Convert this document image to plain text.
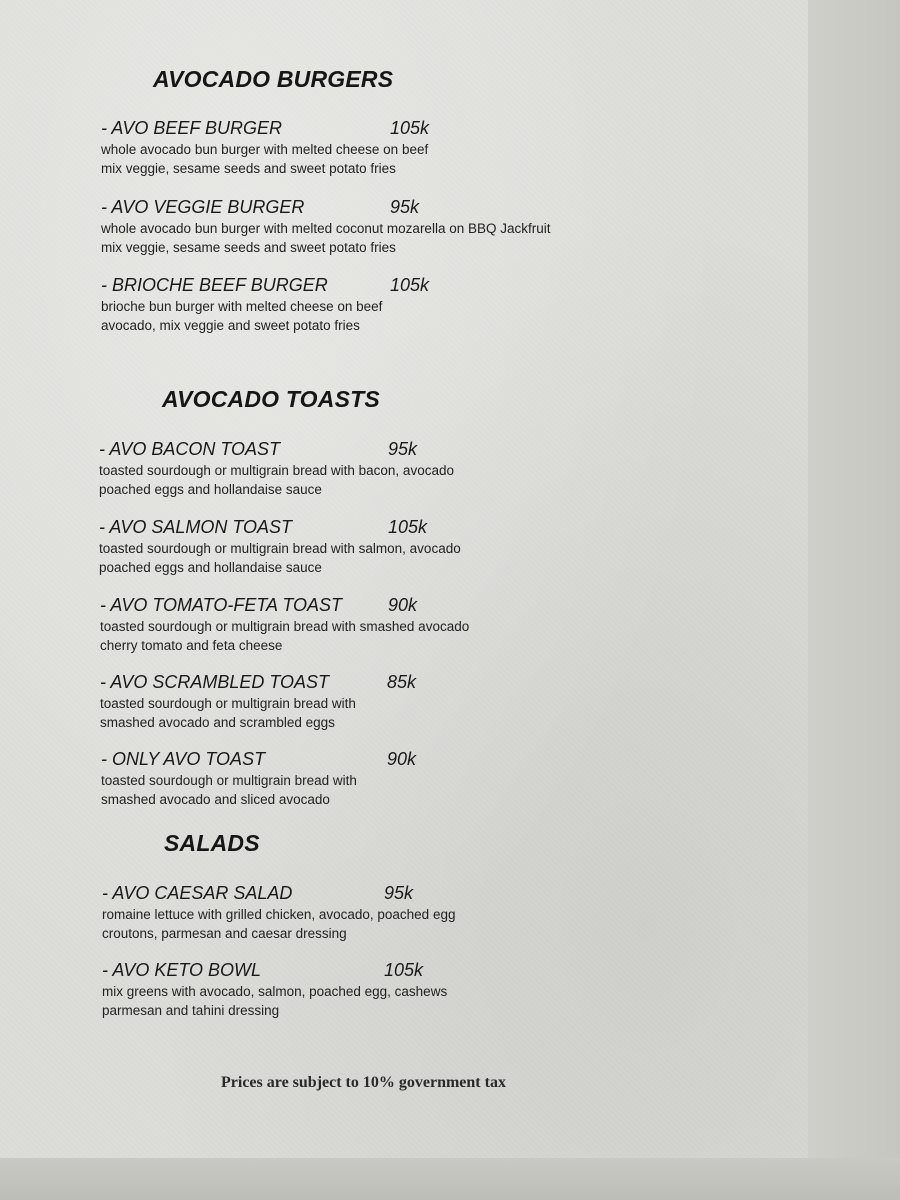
AVOCADO BURGERS
- AVO BEEF BURGER	105k
whole avocado bun burger with melted cheese on beef
mix veggie, sesame seeds and sweet potato fries
- AVO VEGGIE BURGER	95k
whole avocado bun burger with melted coconut mozarella on BBQ Jackfruit
mix veggie, sesame seeds and sweet potato fries
- BRIOCHE BEEF BURGER	105k
brioche bun burger with melted cheese on beef
avocado, mix veggie and sweet potato fries
AVOCADO TOASTS
- AVO BACON TOAST	95k
toasted sourdough or multigrain bread with bacon, avocado
poached eggs and hollandaise sauce
- AVO SALMON TOAST	105k
toasted sourdough or multigrain bread with salmon, avocado
poached eggs and hollandaise sauce
- AVO TOMATO-FETA TOAST	90k
toasted sourdough or multigrain bread with smashed avocado
cherry tomato and feta cheese
- AVO SCRAMBLED TOAST	85k
toasted sourdough or multigrain bread with
smashed avocado and scrambled eggs
- ONLY AVO TOAST	90k
toasted sourdough or multigrain bread with
smashed avocado and sliced avocado
SALADS
- AVO CAESAR SALAD	95k
romaine lettuce with grilled chicken, avocado, poached egg
croutons, parmesan and caesar dressing
- AVO KETO BOWL	105k
mix greens with avocado, salmon, poached egg, cashews
parmesan and tahini dressing
Prices are subject to 10% government tax
